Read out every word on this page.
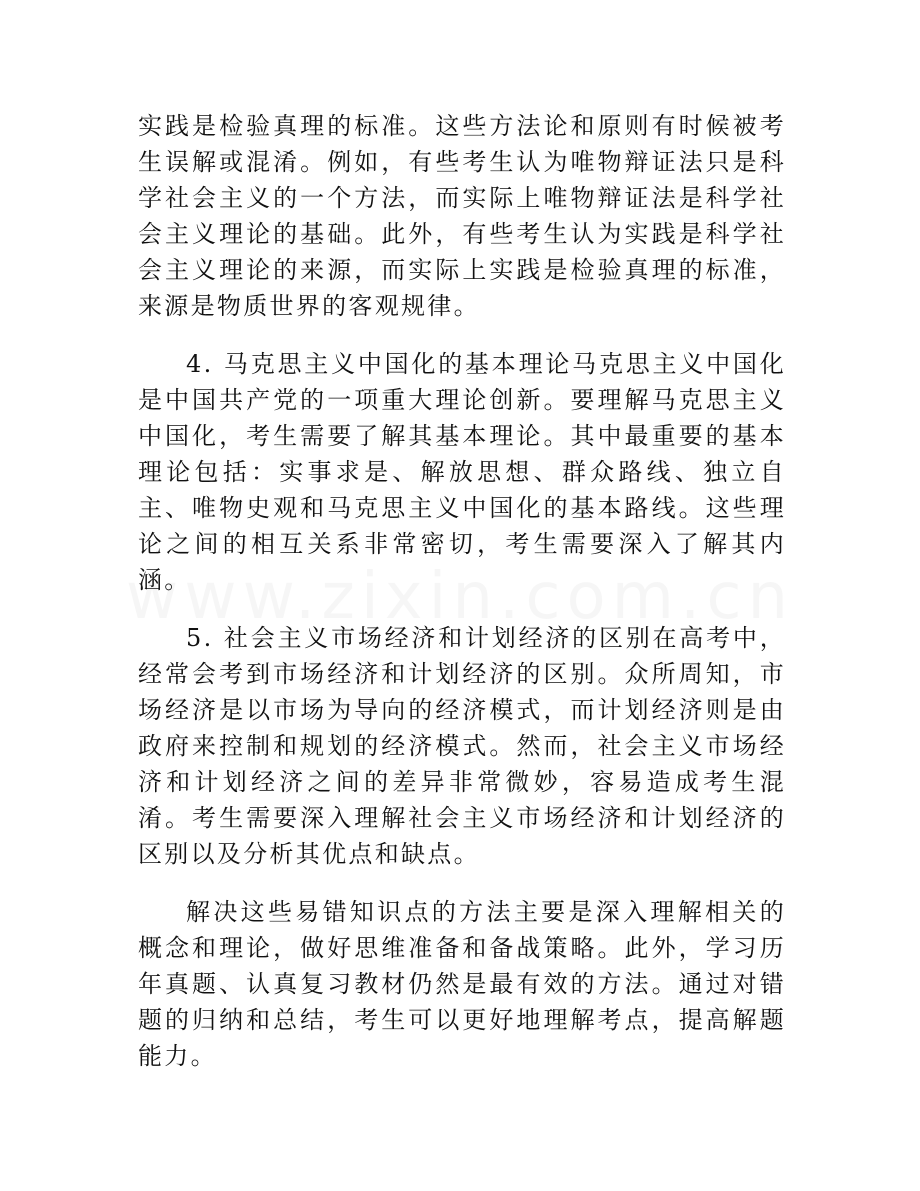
实践是检验真理的标准。这些方法论和原则有时候被考生误解或混淆。例如，有些考生认为唯物辩证法只是科学社会主义的一个方法，而实际上唯物辩证法是科学社会主义理论的基础。此外，有些考生认为实践是科学社会主义理论的来源，而实际上实践是检验真理的标准，来源是物质世界的客观规律。

4. 马克思主义中国化的基本理论马克思主义中国化是中国共产党的一项重大理论创新。要理解马克思主义中国化，考生需要了解其基本理论。其中最重要的基本理论包括：实事求是、解放思想、群众路线、独立自主、唯物史观和马克思主义中国化的基本路线。这些理论之间的相互关系非常密切，考生需要深入了解其内涵。

5. 社会主义市场经济和计划经济的区别在高考中，经常会考到市场经济和计划经济的区别。众所周知，市场经济是以市场为导向的经济模式，而计划经济则是由政府来控制和规划的经济模式。然而，社会主义市场经济和计划经济之间的差异非常微妙，容易造成考生混淆。考生需要深入理解社会主义市场经济和计划经济的区别以及分析其优点和缺点。

解决这些易错知识点的方法主要是深入理解相关的概念和理论，做好思维准备和备战策略。此外，学习历年真题、认真复习教材仍然是最有效的方法。通过对错题的归纳和总结，考生可以更好地理解考点，提高解题能力。
